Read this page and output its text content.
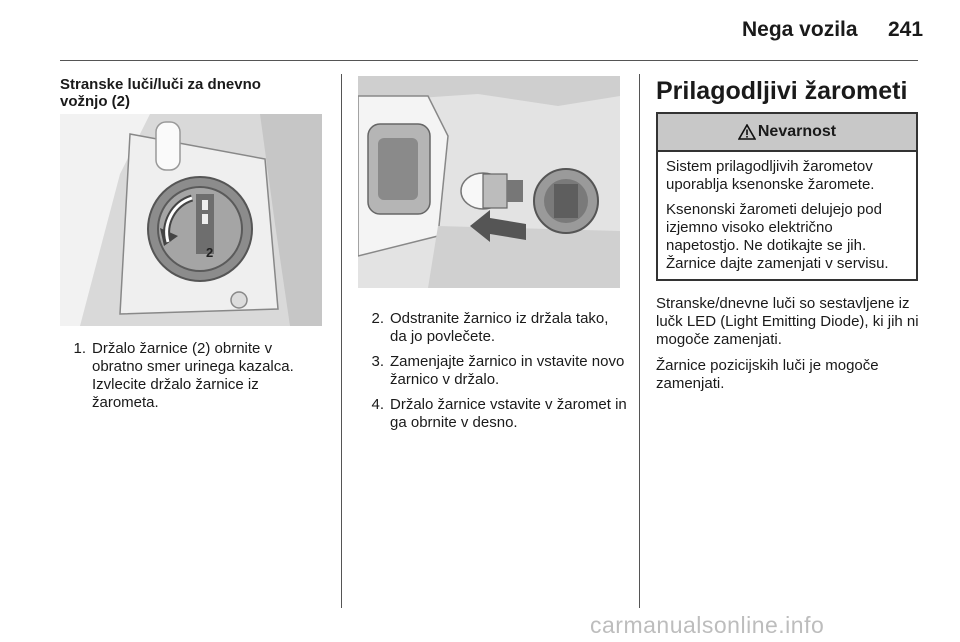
Nega vozila 241
Stranske luči/luči za dnevno vožnjo (2)
2
1. Držalo žarnice (2) obrnite v obratno smer urinega kazalca. Izvlecite držalo žarnice iz žarometa.
2. Odstranite žarnico iz držala tako, da jo povlečete.
3. Zamenjajte žarnico in vstavite novo žarnico v držalo.
4. Držalo žarnice vstavite v žaromet in ga obrnite v desno.
Prilagodljivi žarometi
Nevarnost

Sistem prilagodljivih žarometov uporablja ksenonske žaromete.

Ksenonski žarometi delujejo pod izjemno visoko električno napetostjo. Ne dotikajte se jih. Žarnice dajte zamenjati v servisu.

Stranske/dnevne luči so sestavljene iz lučk LED (Light Emitting Diode), ki jih ni mogoče zamenjati.

Žarnice pozicijskih luči je mogoče zamenjati.

carmanualsonline.info
